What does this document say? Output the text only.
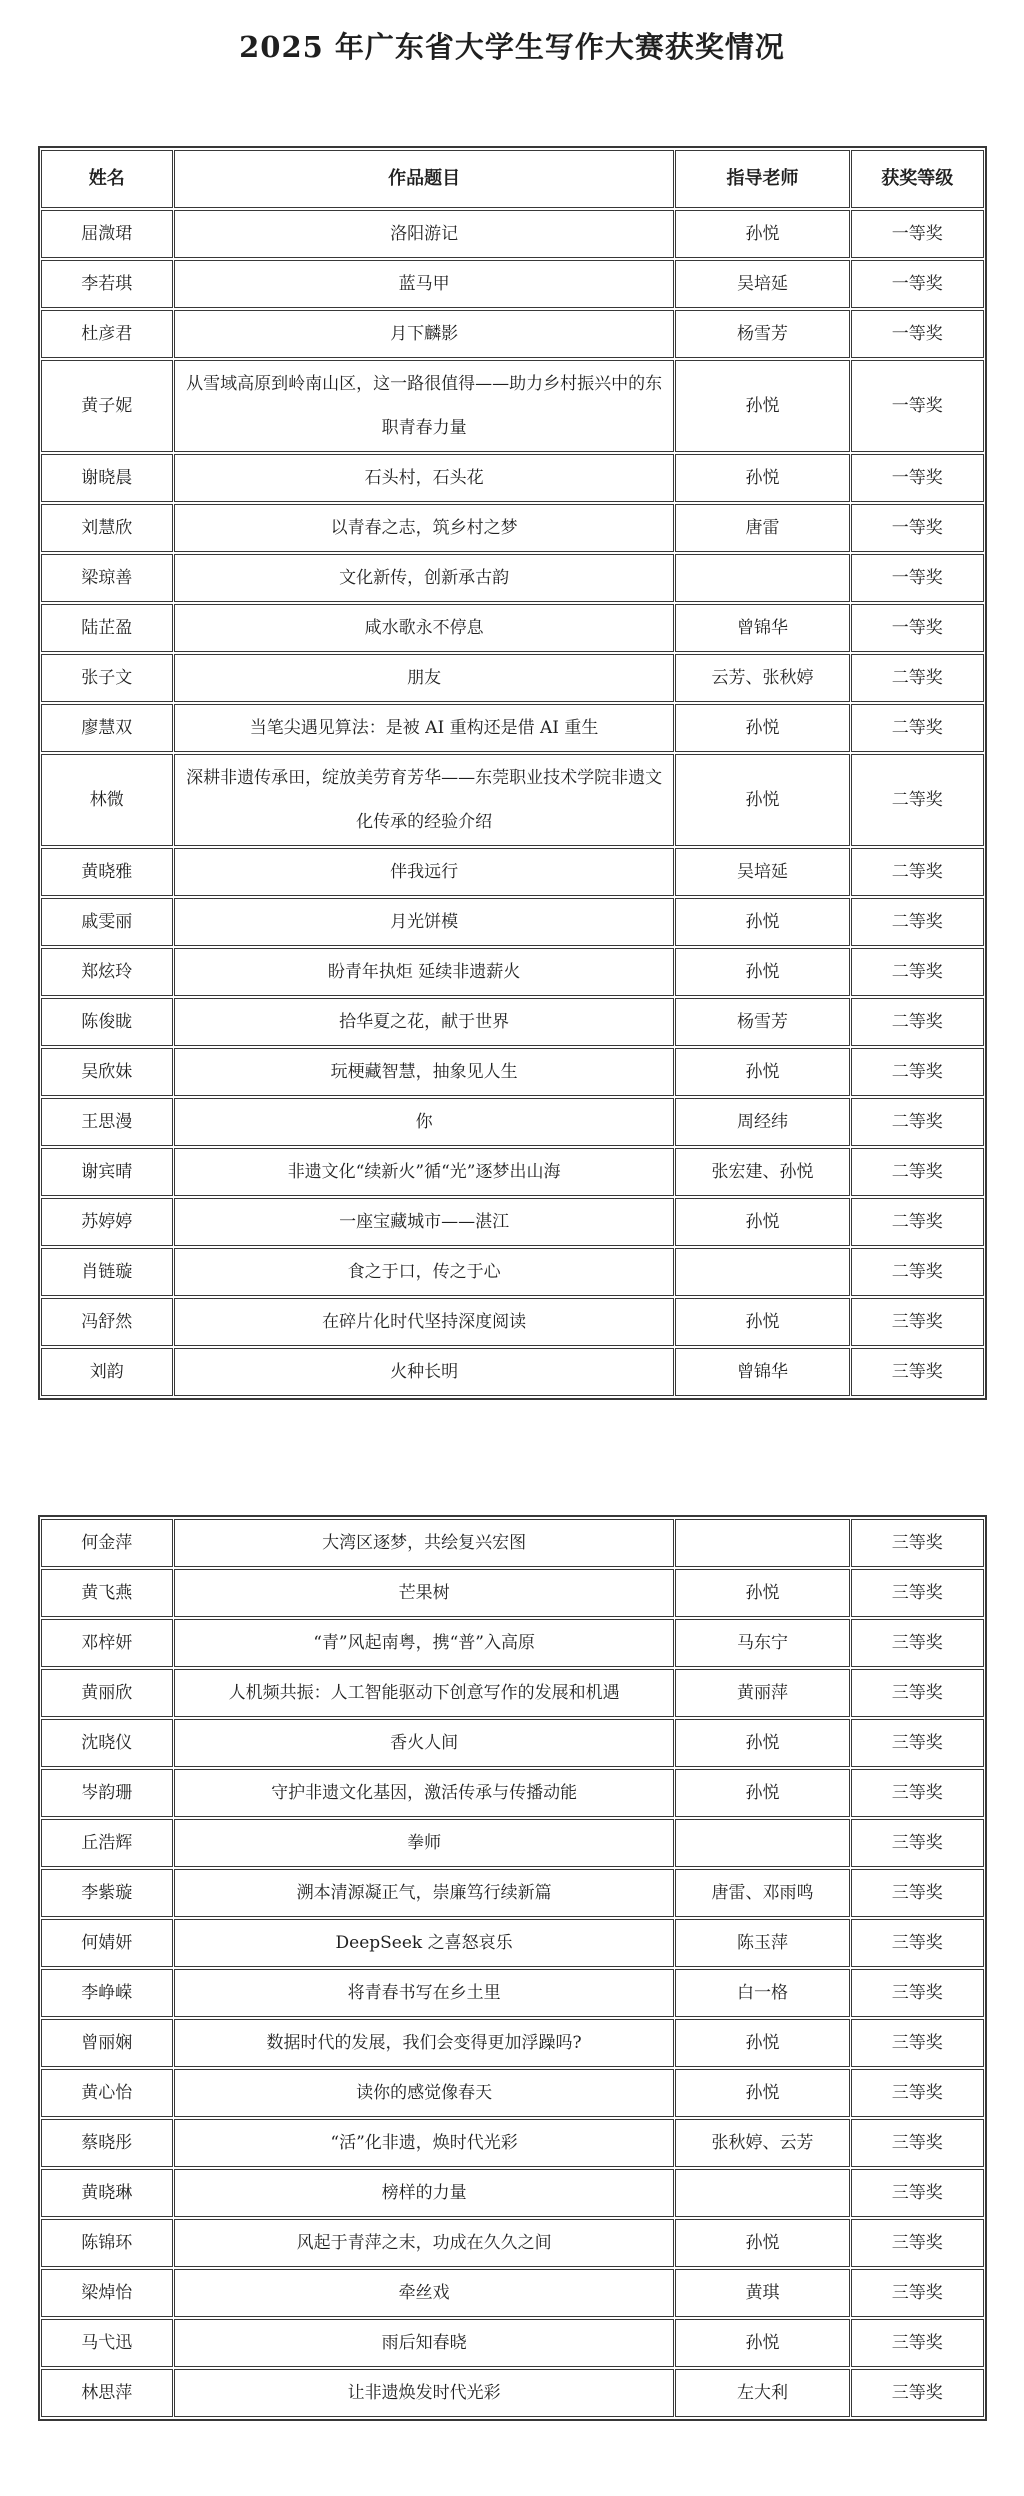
2025 年广东省大学生写作大赛获奖情况
姓名	作品题目	指导老师	获奖等级
屈溦珺	洛阳游记	孙悦	一等奖
李若琪	蓝马甲	吴培延	一等奖
杜彦君	月下麟影	杨雪芳	一等奖
黄子妮	从雪域高原到岭南山区，这一路很值得——助力乡村振兴中的东职青春力量	孙悦	一等奖
谢晓晨	石头村，石头花	孙悦	一等奖
刘慧欣	以青春之志，筑乡村之梦	唐雷	一等奖
梁琼善	文化新传，创新承古韵		一等奖
陆芷盈	咸水歌永不停息	曾锦华	一等奖
张子文	朋友	云芳、张秋婷	二等奖
廖慧双	当笔尖遇见算法：是被 AI 重构还是借 AI 重生	孙悦	二等奖
林微	深耕非遗传承田，绽放美劳育芳华——东莞职业技术学院非遗文化传承的经验介绍	孙悦	二等奖
黄晓雅	伴我远行	吴培延	二等奖
戚雯丽	月光饼模	孙悦	二等奖
郑炫玲	盼青年执炬 延续非遗薪火	孙悦	二等奖
陈俊眬	拾华夏之花，献于世界	杨雪芳	二等奖
吴欣妹	玩梗藏智慧，抽象见人生	孙悦	二等奖
王思漫	你	周经纬	二等奖
谢宾晴	非遗文化“续新火”循“光”逐梦出山海	张宏建、孙悦	二等奖
苏婷婷	一座宝藏城市——湛江	孙悦	二等奖
肖链璇	食之于口，传之于心		二等奖
冯舒然	在碎片化时代坚持深度阅读	孙悦	三等奖
刘韵	火种长明	曾锦华	三等奖
何金萍	大湾区逐梦，共绘复兴宏图		三等奖
黄飞燕	芒果树	孙悦	三等奖
邓梓妍	“青”风起南粤，携“普”入高原	马东宁	三等奖
黄丽欣	人机频共振：人工智能驱动下创意写作的发展和机遇	黄丽萍	三等奖
沈晓仪	香火人间	孙悦	三等奖
岑韵珊	守护非遗文化基因，激活传承与传播动能	孙悦	三等奖
丘浩辉	拳师		三等奖
李紫璇	溯本清源凝正气，崇廉笃行续新篇	唐雷、邓雨鸣	三等奖
何婧妍	DeepSeek 之喜怒哀乐	陈玉萍	三等奖
李峥嵘	将青春书写在乡土里	白一格	三等奖
曾丽娴	数据时代的发展，我们会变得更加浮躁吗?	孙悦	三等奖
黄心怡	读你的感觉像春天	孙悦	三等奖
蔡晓彤	“活”化非遗，焕时代光彩	张秋婷、云芳	三等奖
黄晓琳	榜样的力量		三等奖
陈锦环	风起于青萍之末，功成在久久之间	孙悦	三等奖
梁焯怡	牵丝戏	黄琪	三等奖
马弋迅	雨后知春晓	孙悦	三等奖
林思萍	让非遗焕发时代光彩	左大利	三等奖
